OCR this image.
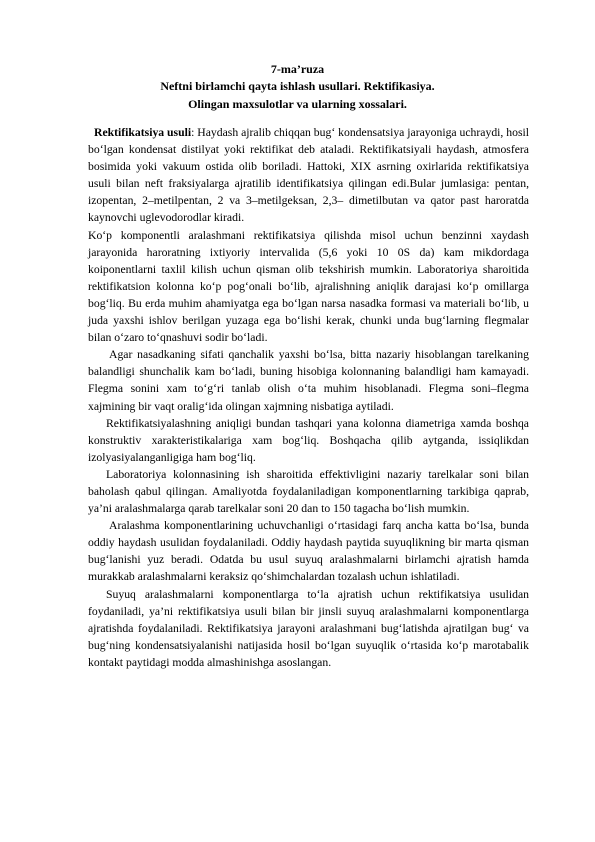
7-ma’ruza
Neftni birlamchi qayta ishlash usullari. Rektifikasiya.
Olingan maxsulotlar va ularning xossalari.

Rektifikatsiya usuli: Haydash ajralib chiqqan bug‘ kondensatsiya jarayoniga uchraydi, hosil bo‘lgan kondensat distilyat yoki rektifikat deb ataladi. Rektifikatsiyali haydash, atmosfera bosimida yoki vakuum ostida olib boriladi. Hattoki, XIX asrning oxirlarida rektifikatsiya usuli bilan neft fraksiyalarga ajratilib identifikatsiya qilingan edi.Bular jumlasiga: pentan, izopentan, 2–metilpentan, 2 va 3–metilgeksan, 2,3– dimetilbutan va qator past haroratda kaynovchi uglevodorodlar kiradi.

Ko‘p komponentli aralashmani rektifikatsiya qilishda misol uchun benzinni xaydash jarayonida haroratning ixtiyoriy intervalida (5,6 yoki 10 0S da) kam mikdordaga koiponentlarni taxlil kilish uchun qisman olib tekshirish mumkin. Laboratoriya sharoitida rektifikatsion kolonna ko‘p pog‘onali bo‘lib, ajralishning aniqlik darajasi ko‘p omillarga bog‘liq. Bu erda muhim ahamiyatga ega bo‘lgan narsa nasadka formasi va materiali bo‘lib, u juda yaxshi ishlov berilgan yuzaga ega bo‘lishi kerak, chunki unda bug‘larning flegmalar bilan o‘zaro to‘qnashuvi sodir bo‘ladi.

Agar nasadkaning sifati qanchalik yaxshi bo‘lsa, bitta nazariy hisoblangan tarelkaning balandligi shunchalik kam bo‘ladi, buning hisobiga kolonnaning balandligi ham kamayadi. Flegma sonini xam to‘g‘ri tanlab olish o‘ta muhim hisoblanadi. Flegma soni–flegma xajmining bir vaqt oralig‘ida olingan xajmning nisbatiga aytiladi.

Rektifikatsiyalashning aniqligi bundan tashqari yana kolonna diametriga xamda boshqa konstruktiv xarakteristikalariga xam bog‘liq. Boshqacha qilib aytganda, issiqlikdan izolyasiyalanganligiga ham bog‘liq.

Laboratoriya kolonnasining ish sharoitida effektivligini nazariy tarelkalar soni bilan baholash qabul qilingan. Amaliyotda foydalaniladigan komponentlarning tarkibiga qaprab, ya’ni aralashmalarga qarab tarelkalar soni 20 dan to 150 tagacha bo‘lish mumkin.

Aralashma komponentlarining uchuvchanligi o‘rtasidagi farq ancha katta bo‘lsa, bunda oddiy haydash usulidan foydalaniladi. Oddiy haydash paytida suyuqlikning bir marta qisman bug‘lanishi yuz beradi. Odatda bu usul suyuq aralashmalarni birlamchi ajratish hamda murakkab aralashmalarni keraksiz qo‘shimchalardan tozalash uchun ishlatiladi.

Suyuq aralashmalarni komponentlarga to‘la ajratish uchun rektifikatsiya usulidan foydaniladi, ya’ni rektifikatsiya usuli bilan bir jinsli suyuq aralashmalarni komponentlarga ajratishda foydalaniladi. Rektifikatsiya jarayoni aralashmani bug‘latishda ajratilgan bug‘ va bug‘ning kondensatsiyalanishi natijasida hosil bo‘lgan suyuqlik o‘rtasida ko‘p marotabalik kontakt paytidagi modda almashinishga asoslangan.
